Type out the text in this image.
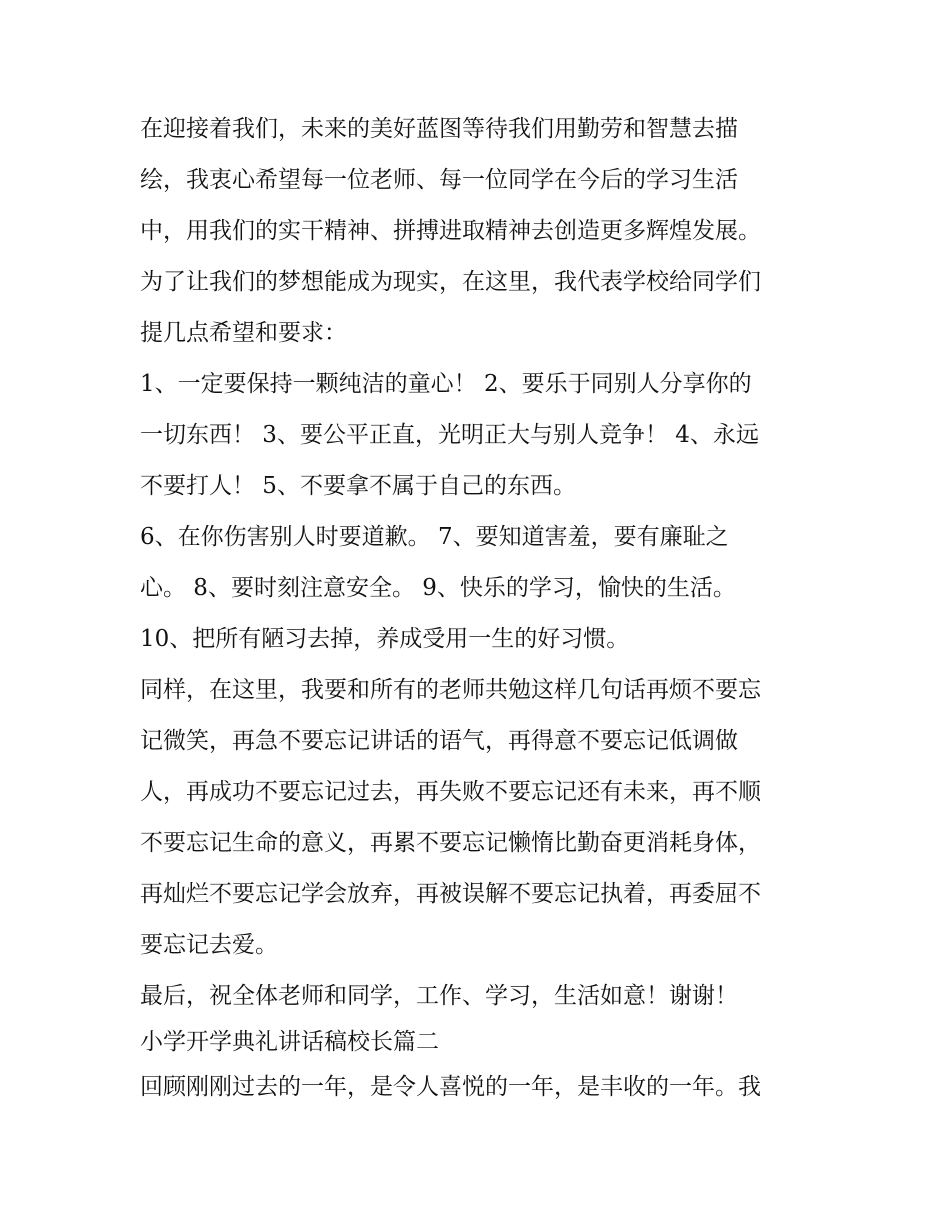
在迎接着我们，未来的美好蓝图等待我们用勤劳和智慧去描
绘，我衷心希望每一位老师、每一位同学在今后的学习生活
中，用我们的实干精神、拼搏进取精神去创造更多辉煌发展。
为了让我们的梦想能成为现实，在这里，我代表学校给同学们
提几点希望和要求：
1、一定要保持一颗纯洁的童心！ 2、要乐于同别人分享你的
一切东西！ 3、要公平正直，光明正大与别人竞争！ 4、永远
不要打人！ 5、不要拿不属于自己的东西。
6、在你伤害别人时要道歉。 7、要知道害羞，要有廉耻之
心。 8、要时刻注意安全。 9、快乐的学习，愉快的生活。
10、把所有陋习去掉，养成受用一生的好习惯。
同样，在这里，我要和所有的老师共勉这样几句话再烦不要忘
记微笑，再急不要忘记讲话的语气，再得意不要忘记低调做
人，再成功不要忘记过去，再失败不要忘记还有未来，再不顺
不要忘记生命的意义，再累不要忘记懒惰比勤奋更消耗身体，
再灿烂不要忘记学会放弃，再被误解不要忘记执着，再委屈不
要忘记去爱。
最后，祝全体老师和同学，工作、学习，生活如意！谢谢！
小学开学典礼讲话稿校长篇二
回顾刚刚过去的一年，是令人喜悦的一年，是丰收的一年。我
